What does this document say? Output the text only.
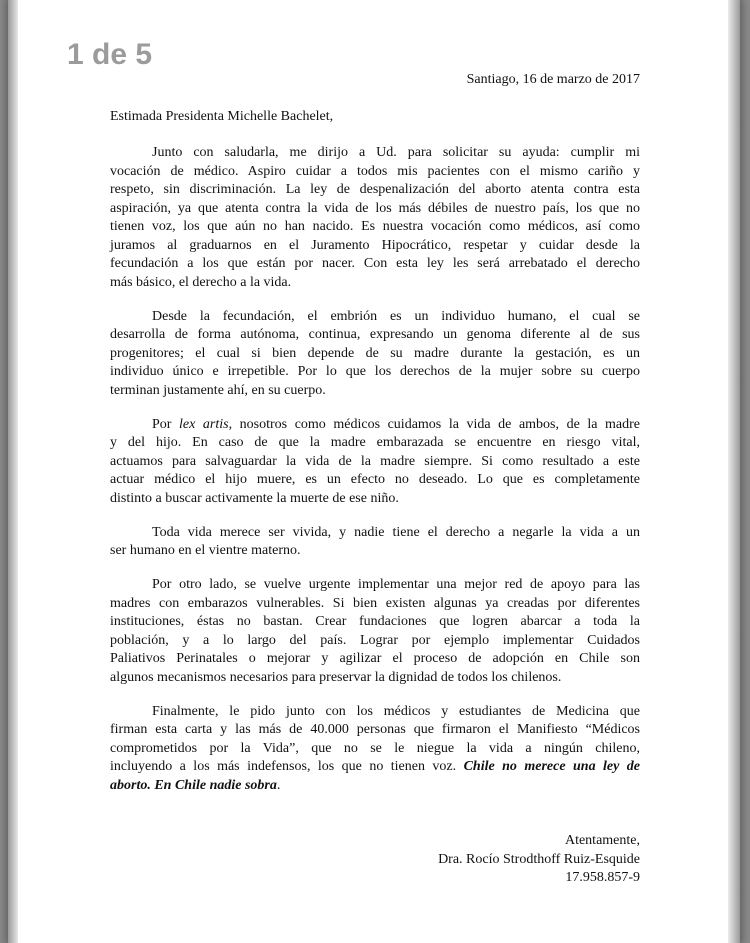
1 de 5
Santiago, 16 de marzo de 2017
Estimada Presidenta Michelle Bachelet,
Junto con saludarla, me dirijo a Ud. para solicitar su ayuda: cumplir mi
vocación de médico. Aspiro cuidar a todos mis pacientes con el mismo cariño y
respeto, sin discriminación. La ley de despenalización del aborto atenta contra esta
aspiración, ya que atenta contra la vida de los más débiles de nuestro país, los que no
tienen voz, los que aún no han nacido. Es nuestra vocación como médicos, así como
juramos al graduarnos en el Juramento Hipocrático, respetar y cuidar desde la
fecundación a los que están por nacer. Con esta ley les será arrebatado el derecho
más básico, el derecho a la vida.
Desde la fecundación, el embrión es un individuo humano, el cual se
desarrolla de forma autónoma, continua, expresando un genoma diferente al de sus
progenitores; el cual si bien depende de su madre durante la gestación, es un
individuo único e irrepetible. Por lo que los derechos de la mujer sobre su cuerpo
terminan justamente ahí, en su cuerpo.
Por lex artis, nosotros como médicos cuidamos la vida de ambos, de la madre
y del hijo. En caso de que la madre embarazada se encuentre en riesgo vital,
actuamos para salvaguardar la vida de la madre siempre. Si como resultado a este
actuar médico el hijo muere, es un efecto no deseado. Lo que es completamente
distinto a buscar activamente la muerte de ese niño.
Toda vida merece ser vivida, y nadie tiene el derecho a negarle la vida a un
ser humano en el vientre materno.
Por otro lado, se vuelve urgente implementar una mejor red de apoyo para las
madres con embarazos vulnerables. Si bien existen algunas ya creadas por diferentes
instituciones, éstas no bastan. Crear fundaciones que logren abarcar a toda la
población, y a lo largo del país. Lograr por ejemplo implementar Cuidados
Paliativos Perinatales o mejorar y agilizar el proceso de adopción en Chile son
algunos mecanismos necesarios para preservar la dignidad de todos los chilenos.
Finalmente, le pido junto con los médicos y estudiantes de Medicina que
firman esta carta y las más de 40.000 personas que firmaron el Manifiesto “Médicos
comprometidos por la Vida”, que no se le niegue la vida a ningún chileno,
incluyendo a los más indefensos, los que no tienen voz. Chile no merece una ley de
aborto. En Chile nadie sobra.
Atentamente,
Dra. Rocío Strodthoff Ruiz-Esquide
17.958.857-9
